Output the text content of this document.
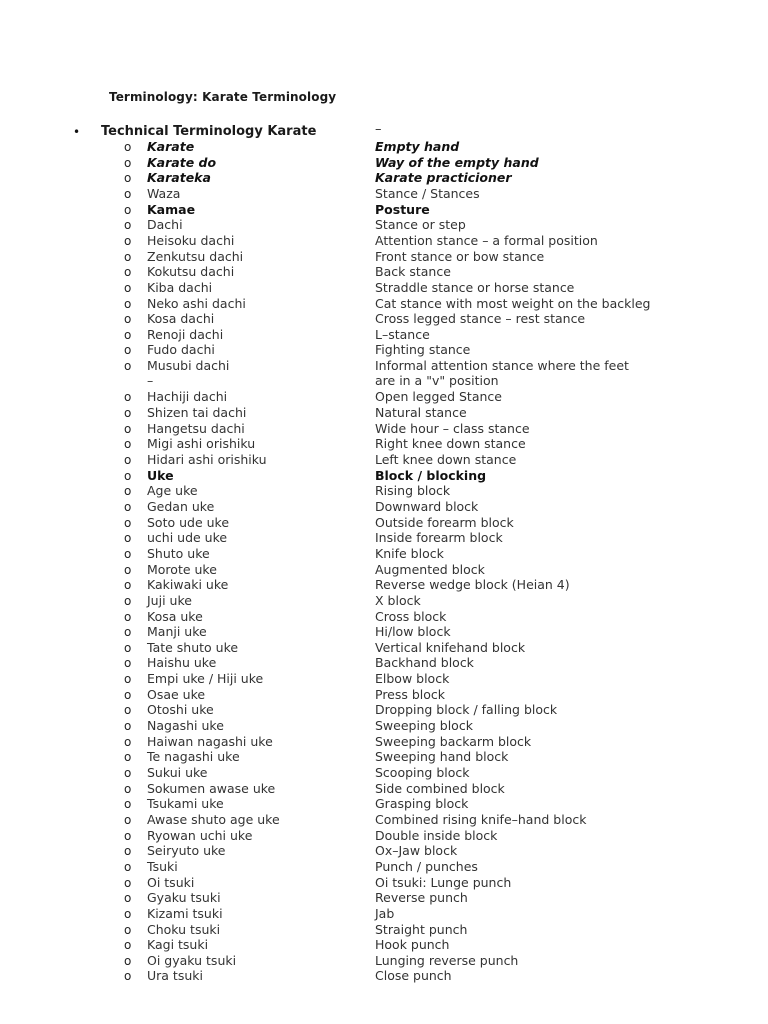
Terminology: Karate Terminology
• Technical Terminology Karate	–
o Karate	Empty hand
o Karate do	Way of the empty hand
o Karateka	Karate practicioner
o Waza	Stance / Stances
o Kamae	Posture
o Dachi	Stance or step
o Heisoku dachi	Attention stance – a formal position
o Zenkutsu dachi	Front stance or bow stance
o Kokutsu dachi	Back stance
o Kiba dachi	Straddle stance or horse stance
o Neko ashi dachi	Cat stance with most weight on the backleg
o Kosa dachi	Cross legged stance – rest stance
o Renoji dachi	L–stance
o Fudo dachi	Fighting stance
o Musubi dachi	Informal attention stance where the feet
–	are in a "v" position
o Hachiji dachi	Open legged Stance
o Shizen tai dachi	Natural stance
o Hangetsu dachi	Wide hour – class stance
o Migi ashi orishiku	Right knee down stance
o Hidari ashi orishiku	Left knee down stance
o Uke	Block / blocking
o Age uke	Rising block
o Gedan uke	Downward block
o Soto ude uke	Outside forearm block
o uchi ude uke	Inside forearm block
o Shuto uke	Knife block
o Morote uke	Augmented block
o Kakiwaki uke	Reverse wedge block (Heian 4)
o Juji uke	X block
o Kosa uke	Cross block
o Manji uke	Hi/low block
o Tate shuto uke	Vertical knifehand block
o Haishu uke	Backhand block
o Empi uke / Hiji uke	Elbow block
o Osae uke	Press block
o Otoshi uke	Dropping block / falling block
o Nagashi uke	Sweeping block
o Haiwan nagashi uke	Sweeping backarm block
o Te nagashi uke	Sweeping hand block
o Sukui uke	Scooping block
o Sokumen awase uke	Side combined block
o Tsukami uke	Grasping block
o Awase shuto age uke	Combined rising knife–hand block
o Ryowan uchi uke	Double inside block
o Seiryuto uke	Ox–Jaw block
o Tsuki	Punch / punches
o Oi tsuki	Oi tsuki: Lunge punch
o Gyaku tsuki	Reverse punch
o Kizami tsuki	Jab
o Choku tsuki	Straight punch
o Kagi tsuki	Hook punch
o Oi gyaku tsuki	Lunging reverse punch
o Ura tsuki	Close punch
